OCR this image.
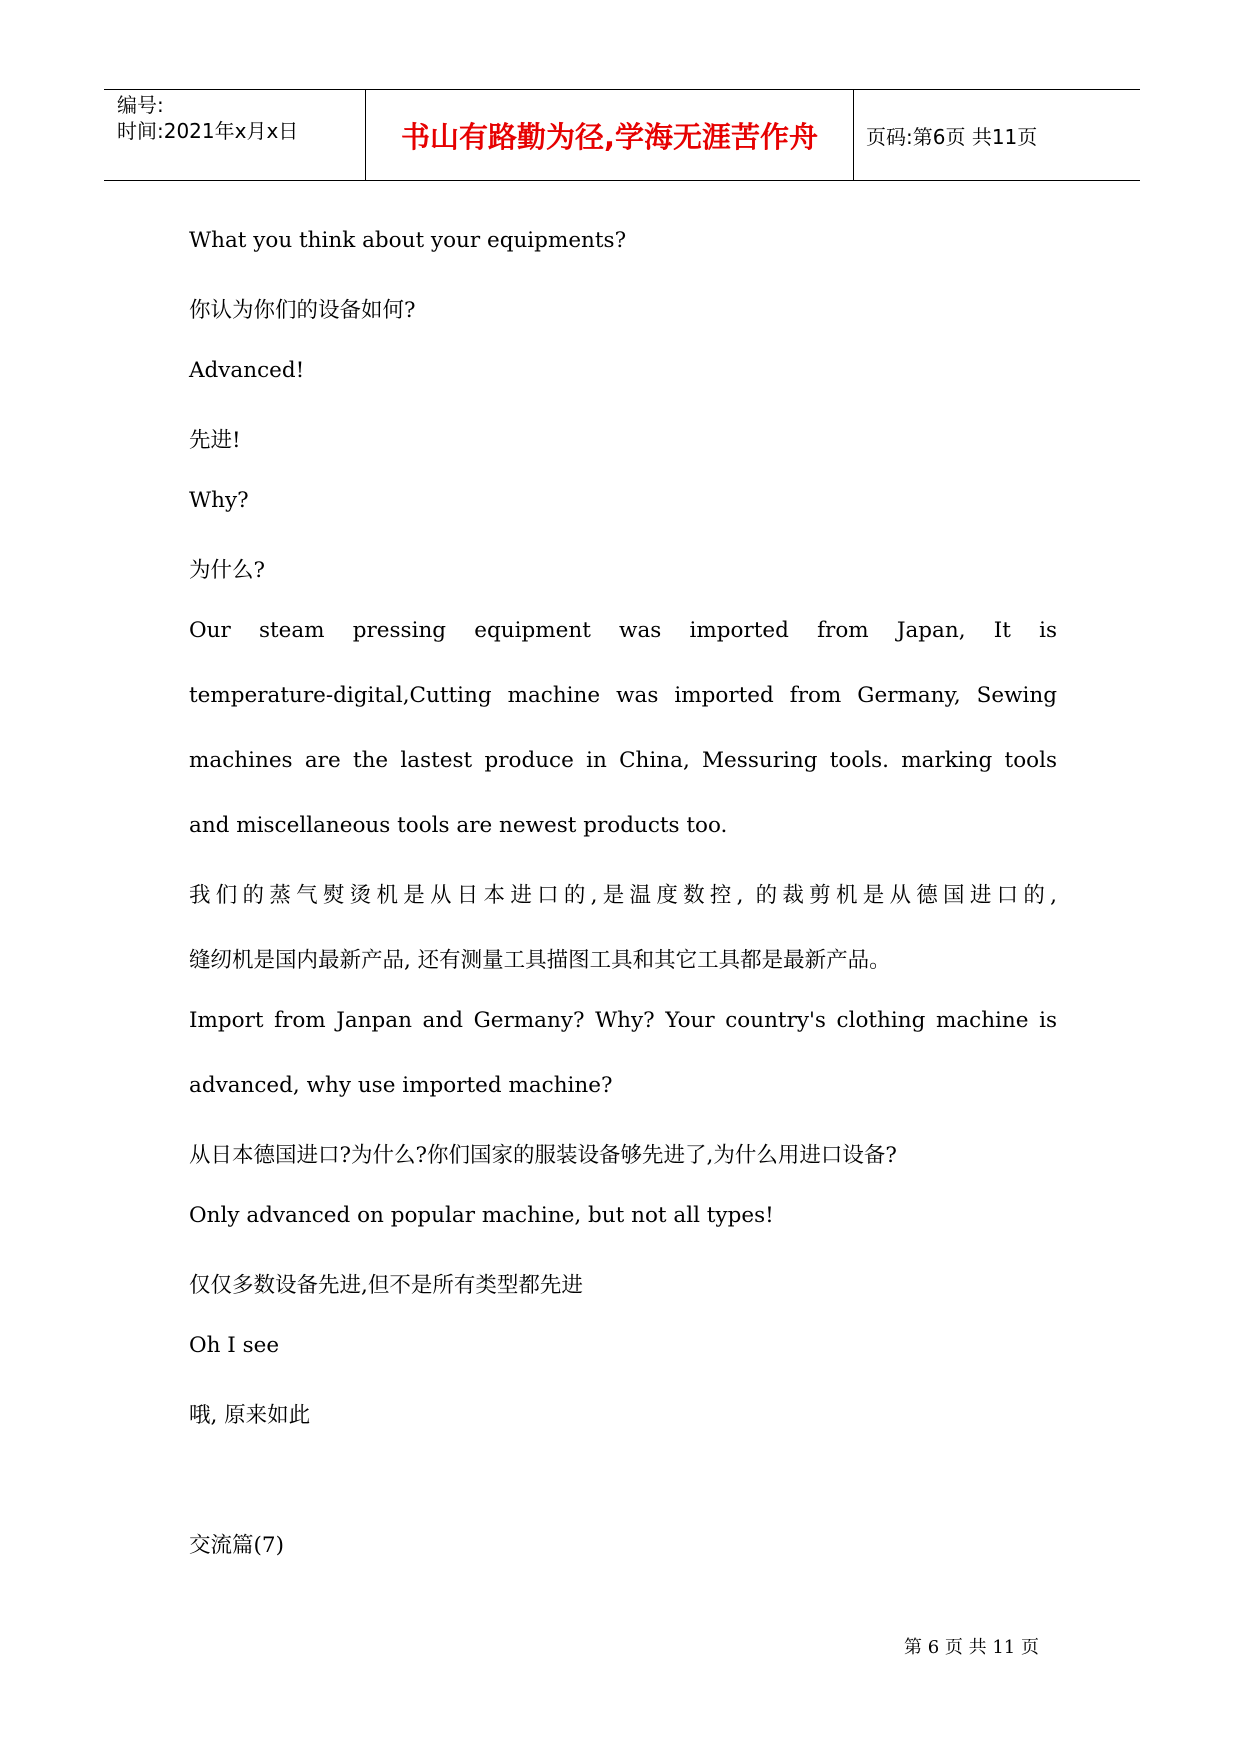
编号:
时间:2021年x月x日	书山有路勤为径,学海无涯苦作舟	页码:第6页 共11页
What you think about your equipments?
你认为你们的设备如何?
Advanced!
先进!
Why?
为什么?
Our steam pressing equipment was imported from Japan, It is
temperature-digital,Cutting machine was imported from Germany, Sewing
machines are the lastest produce in China, Messuring tools. marking tools
and miscellaneous tools are newest products too.
我们的蒸气熨烫机是从日本进口的,是温度数控, 的裁剪机是从德国进口的,
缝纫机是国内最新产品, 还有测量工具描图工具和其它工具都是最新产品。
Import from Janpan and Germany? Why? Your country's clothing machine is
advanced, why use imported machine?
从日本德国进口?为什么?你们国家的服装设备够先进了,为什么用进口设备?
Only advanced on popular machine, but not all types!
仅仅多数设备先进,但不是所有类型都先进
Oh I see
哦, 原来如此
交流篇(7)
第 6 页 共 11 页
